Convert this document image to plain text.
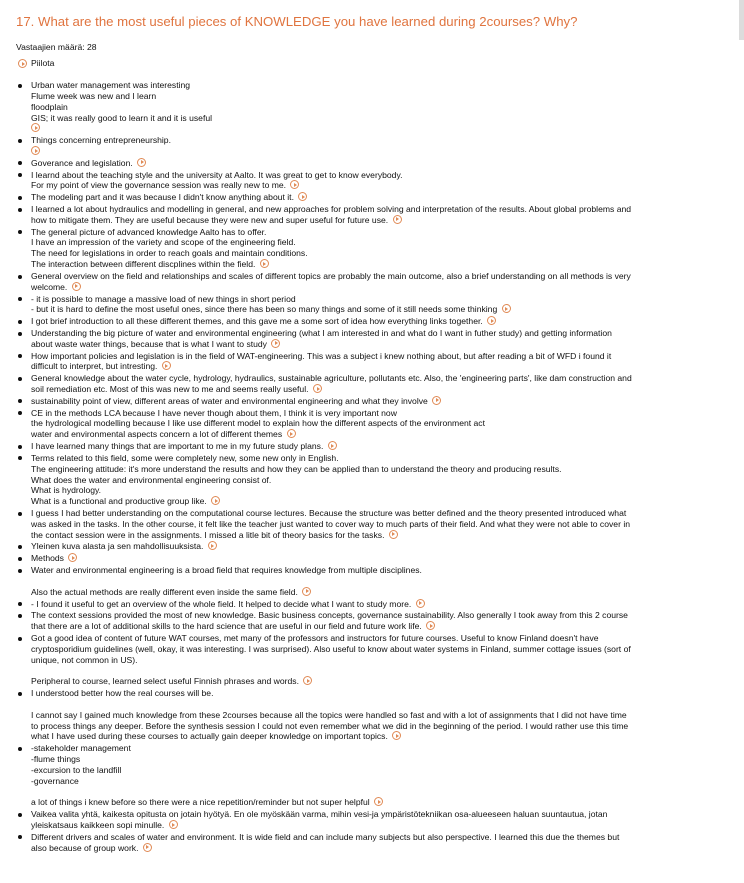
17. What are the most useful pieces of KNOWLEDGE you have learned during 2courses? Why?
Vastaajien määrä: 28
Piilota
Urban water management was interesting
Flume week was new and I learn
floodplain
GIS; it was really good to learn it and it is useful
Things concerning entrepreneurship.
Goverance and legislation.
I learnd about the teaching style and the university at Aalto. It was great to get to know everybody.
For my point of view the governance session was really new to me.
The modeling part and it was because I didn't know anything about it.
I learned a lot about hydraulics and modelling in general, and new approaches for problem solving and interpretation of the results. About global problems and
how to mitigate them. They are useful because they were new and super useful for future use.
The general picture of advanced knowledge Aalto has to offer.
I have an impression of the variety and scope of the engineering field.
The need for legislations in order to reach goals and maintain conditions.
The interaction between different discplines within the field.
General overview on the field and relationships and scales of different topics are probably the main outcome, also a brief understanding on all methods is very
welcome.
- it is possible to manage a massive load of new things in short period
- but it is hard to define the most useful ones, since there has been so many things and some of it still needs some thinking
I got brief introduction to all these different themes, and this gave me a some sort of idea how everything links together.
Understanding the big picture of water and environmental engineering (what I am interested in and what do I want in futher study) and getting information
about waste water things, because that is what I want to study
How important policies and legislation is in the field of WAT-engineering. This was a subject i knew nothing about, but after reading a bit of WFD i found it
difficult to interpret, but intresting.
General knowledge about the water cycle, hydrology, hydraulics, sustainable agriculture, pollutants etc. Also, the 'engineering parts', like dam construction and
soil remediation etc. Most of this was new to me and seems really useful.
sustainability point of view, different areas of water and environmental engineering and what they involve
CE in the methods LCA because I have never though about them, I think it is very important now
the hydrological modelling because I like use different model to explain how the different aspects of the environment act
water and environmental aspects concern a lot of different themes
I have learned many things that are important to me in my future study plans.
Terms related to this field, some were completely new, some new only in English.
The engineering attitude: it's more understand the results and how they can be applied than to understand the theory and producing results.
What does the water and environmental engineering consist of.
What is hydrology.
What is a functional and productive group like.
I guess I had better understanding on the computational course lectures. Because the structure was better defined and the theory presented introduced what
was asked in the tasks. In the other course, it felt like the teacher just wanted to cover way to much parts of their field. And what they were not able to cover in
the contact session were in the assignments. I missed a litle bit of theory basics for the tasks.
Yleinen kuva alasta ja sen mahdollisuuksista.
Methods
Water and environmental engineering is a broad field that requires knowledge from multiple disciplines.
Also the actual methods are really different even inside the same field.
- I found it useful to get an overview of the whole field. It helped to decide what I want to study more.
The context sessions provided the most of new knowledge. Basic business concepts, governance sustainability. Also generally I took away from this 2 course
that there are a lot of additional skills to the hard science that are useful in our field and future work life.
Got a good idea of content of future WAT courses, met many of the professors and instructors for future courses. Useful to know Finland doesn't have
cryptosporidium guidelines (well, okay, it was interesting. I was surprised). Also useful to know about water systems in Finland, summer cottage issues (sort of
unique, not common in US).
Peripheral to course, learned select useful Finnish phrases and words.
I understood better how the real courses will be.
I cannot say I gained much knowledge from these 2courses because all the topics were handled so fast and with a lot of assignments that I did not have time
to process things any deeper. Before the synthesis session I could not even remember what we did in the beginning of the period. I would rather use this time
what I have used during these courses to actually gain deeper knowledge on important topics.
-stakeholder management
-flume things
-excursion to the landfill
-governance
a lot of things i knew before so there were a nice repetition/reminder but not super helpful
Vaikea valita yhtä, kaikesta opitusta on jotain hyötyä. En ole myöskään varma, mihin vesi-ja ympäristötekniikan osa-alueeseen haluan suuntautua, jotan
yleiskatsaus kaikkeen sopi minulle.
Different drivers and scales of water and environment. It is wide field and can include many subjects but also perspective. I learned this due the themes but
also because of group work.
